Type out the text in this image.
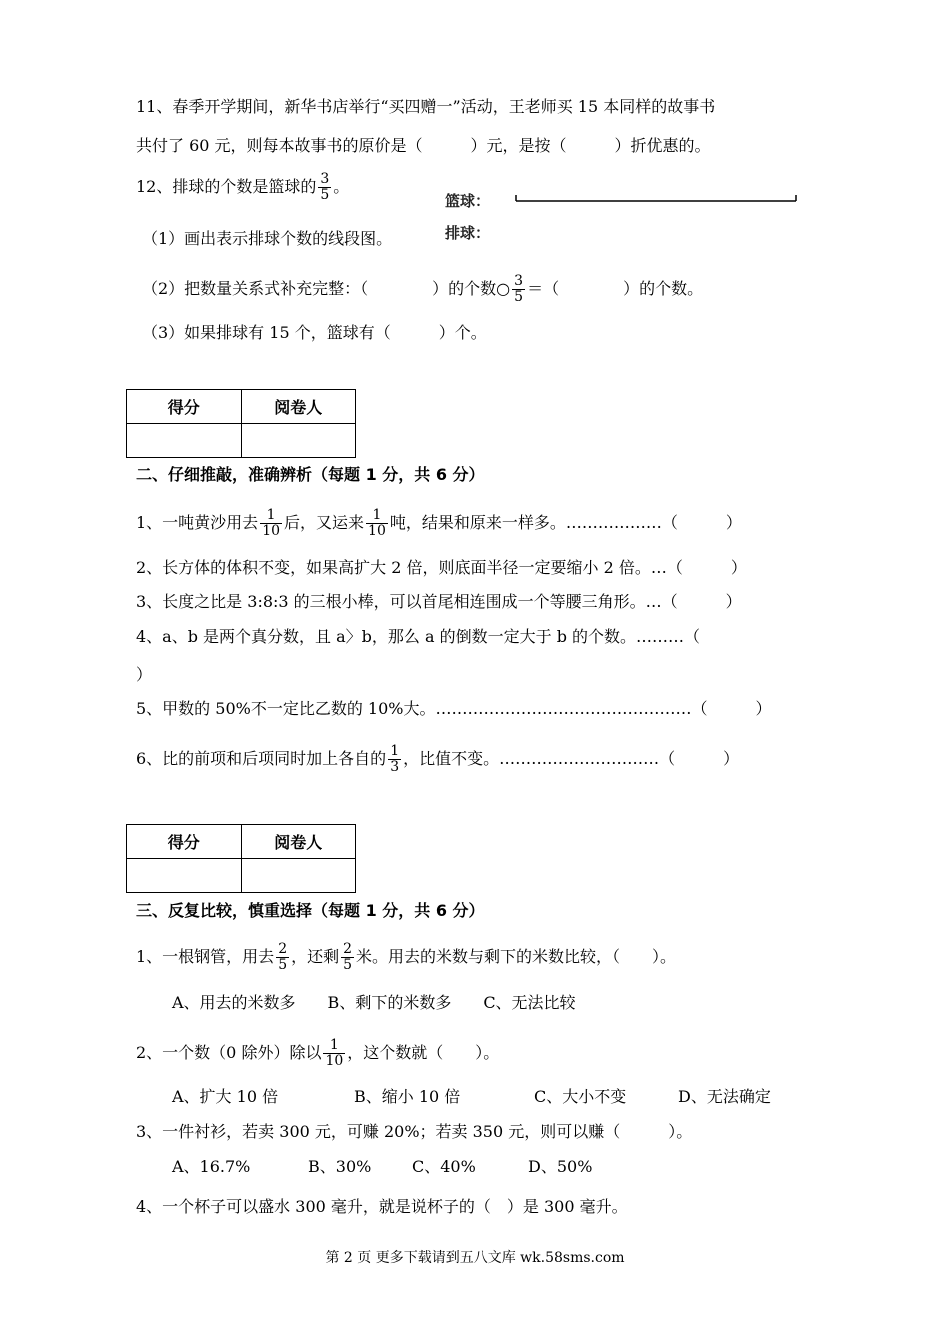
11、春季开学期间，新华书店举行“买四赠一”活动，王老师买 15 本同样的故事书
共付了 60 元，则每本故事书的原价是（　　　）元，是按（　　　）折优惠的。
12、排球的个数是篮球的 $\frac{3}{5}$ 。
篮球：
排球：
（1）画出表示排球个数的线段图。
（2）把数量关系式补充完整：（　　　　）的个数○ $\frac{3}{5}$ ＝（　　　　）的个数。
（3）如果排球有 15 个，篮球有（　　　）个。
得分	阅卷人

二、仔细推敲，准确辨析（每题 1 分，共 6 分）
1、一吨黄沙用去 $\frac{1}{10}$ 后，又运来 $\frac{1}{10}$ 吨，结果和原来一样多。………………（　　　）
2、长方体的体积不变，如果高扩大 2 倍，则底面半径一定要缩小 2 倍。…（　　　）
3、长度之比是 3:8:3 的三根小棒，可以首尾相连围成一个等腰三角形。…（　　　）
4、a、b 是两个真分数，且 a〉b，那么 a 的倒数一定大于 b 的个数。………（
）
5、甲数的 50%不一定比乙数的 10%大。…………………………………………（　　　）
6、比的前项和后项同时加上各自的 $\frac{1}{3}$ ，比值不变。…………………………（　　　）
得分	阅卷人

三、反复比较，慎重选择（每题 1 分，共 6 分）
1、一根钢管，用去 $\frac{2}{5}$ ，还剩 $\frac{2}{5}$ 米。用去的米数与剩下的米数比较，（　　）。
A、用去的米数多　　B、剩下的米数多　　C、无法比较
2、一个数（0 除外）除以 $\frac{1}{10}$ ，这个数就（　　）。
A、扩大 10 倍	B、缩小 10 倍	C、大小不变	D、无法确定
3、一件衬衫，若卖 300 元，可赚 20%；若卖 350 元，则可以赚（　　　）。
A、16.7%	B、30%	C、40%	D、50%
4、一个杯子可以盛水 300 毫升，就是说杯子的（　）是 300 毫升。
第 2 页 更多下载请到五八文库 wk.58sms.com
